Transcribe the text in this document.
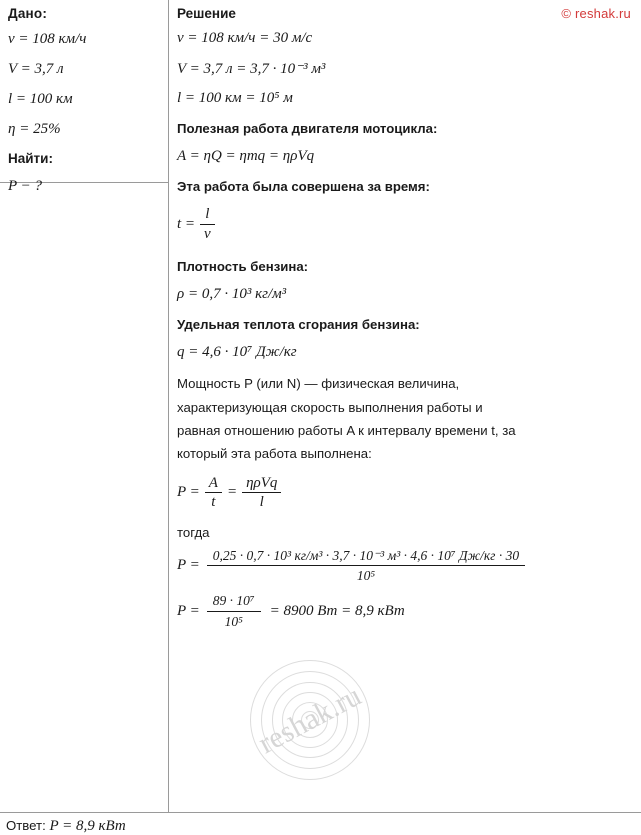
© reshak.ru
Дано:
v = 108 км/ч
V = 3,7 л
l = 100 км
η = 25%
Найти:
P − ?
Решение
v = 108 км/ч = 30 м/с
V = 3,7 л = 3,7 · 10⁻³ м³
l = 100 км = 10⁵ м
Полезная работа двигателя мотоцикла:
A = ηQ = ηmq = ηρVq
Эта работа была совершена за время:
$t = \frac{l}{v}$
Плотность бензина:
ρ = 0,7 · 10³ кг/м³
Удельная теплота сгорания бензина:
q = 4,6 · 10⁷ Дж/кг
Мощность P (или N) — физическая величина,
характеризующая скорость выполнения работы и
равная отношению работы A к интервалу времени t, за
который эта работа выполнена:
$P = \frac{A}{t} = \frac{\text{ηρVq}}{l}$
тогда
P =
0,25 · 0,7 · 10³ кг/м³ · 3,7 · 10⁻³ м³ · 4,6 · 10⁷ Дж/кг · 30
10⁵
$P = \frac{\text{89 · 10⁷}}{\text{10⁵}} = 8900$ Вт = 8,9 кВт
reshak.ru
Ответ: P = 8,9 кВт
